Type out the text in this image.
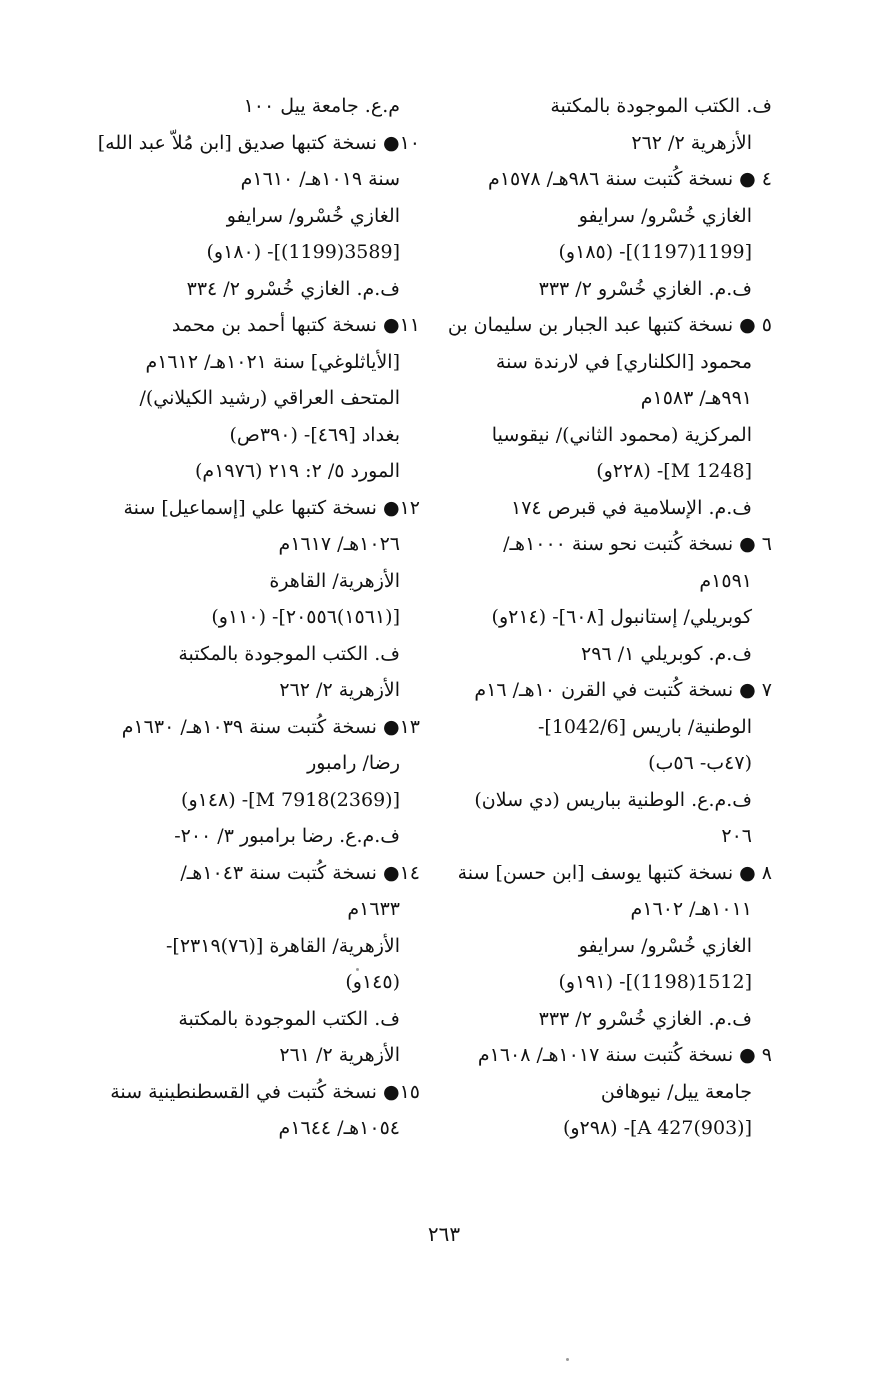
ف. الكتب الموجودة بالمكتبة
الأزهرية ٢/ ٢٦٢
٤ ● نسخة كُتبت سنة ٩٨٦هـ/ ١٥٧٨م
الغازي خُسْرو/ سرايفو
[1199(1197)]- (١٨٥و)
ف.م. الغازي خُسْرو ٢/ ٣٣٣
٥ ● نسخة كتبها عبد الجبار بن سليمان بن
محمود [الكلناري] في لارندة سنة
٩٩١هـ/ ١٥٨٣م
المركزية (محمود الثاني)/ نيقوسيا
[M 1248]- (٢٢٨و)
ف.م. الإسلامية في قبرص ١٧٤
٦ ● نسخة كُتبت نحو سنة ١٠٠٠هـ/
١٥٩١م
كوبريلي/ إستانبول [٦٠٨]- (٢١٤و)
ف.م. كوبريلي ١/ ٢٩٦
٧ ● نسخة كُتبت في القرن ١٠هـ/ ١٦م
الوطنية/ باريس [1042/6]-
(٤٧ب- ٥٦ب)
ف.م.ع. الوطنية بباريس (دي سلان)
٢٠٦
٨ ● نسخة كتبها يوسف [ابن حسن] سنة
١٠١١هـ/ ١٦٠٢م
الغازي خُسْرو/ سرايفو
[1512(1198)]- (١٩١و)
ف.م. الغازي خُسْرو ٢/ ٣٣٣
٩ ● نسخة كُتبت سنة ١٠١٧هـ/ ١٦٠٨م
جامعة ييل/ نيوهافن
[A 427(903)]- (٢٩٨و)
م.ع. جامعة ييل ١٠٠
١٠● نسخة كتبها صديق [ابن مُلاّ عبد الله]
سنة ١٠١٩هـ/ ١٦١٠م
الغازي خُسْرو/ سرايفو
[3589(1199)]- (١٨٠و)
ف.م. الغازي خُسْرو ٢/ ٣٣٤
١١● نسخة كتبها أحمد بن محمد
[الأياثلوغي] سنة ١٠٢١هـ/ ١٦١٢م
المتحف العراقي (رشيد الكيلاني)/
بغداد [٤٦٩]- (٣٩٠ص)
المورد ٥/ ٢: ٢١٩ (١٩٧٦م)
١٢● نسخة كتبها علي [إسماعيل] سنة
١٠٢٦هـ/ ١٦١٧م
الأزهرية/ القاهرة
[(١٥٦١)٢٠٥٥٦]- (١١٠و)
ف. الكتب الموجودة بالمكتبة
الأزهرية ٢/ ٢٦٢
١٣● نسخة كُتبت سنة ١٠٣٩هـ/ ١٦٣٠م
رضا/ رامبور
[M 7918(2369)]- (١٤٨و)
ف.م.ع. رضا برامبور ٣/ ٢٠٠-
١٤● نسخة كُتبت سنة ١٠٤٣هـ/
١٦٣٣م
الأزهرية/ القاهرة [(٧٦)٢٣١٩]-
(١٤٥و)
ف. الكتب الموجودة بالمكتبة
الأزهرية ٢/ ٢٦١
١٥● نسخة كُتبت في القسطنطينية سنة
١٠٥٤هـ/ ١٦٤٤م
٢٦٣
